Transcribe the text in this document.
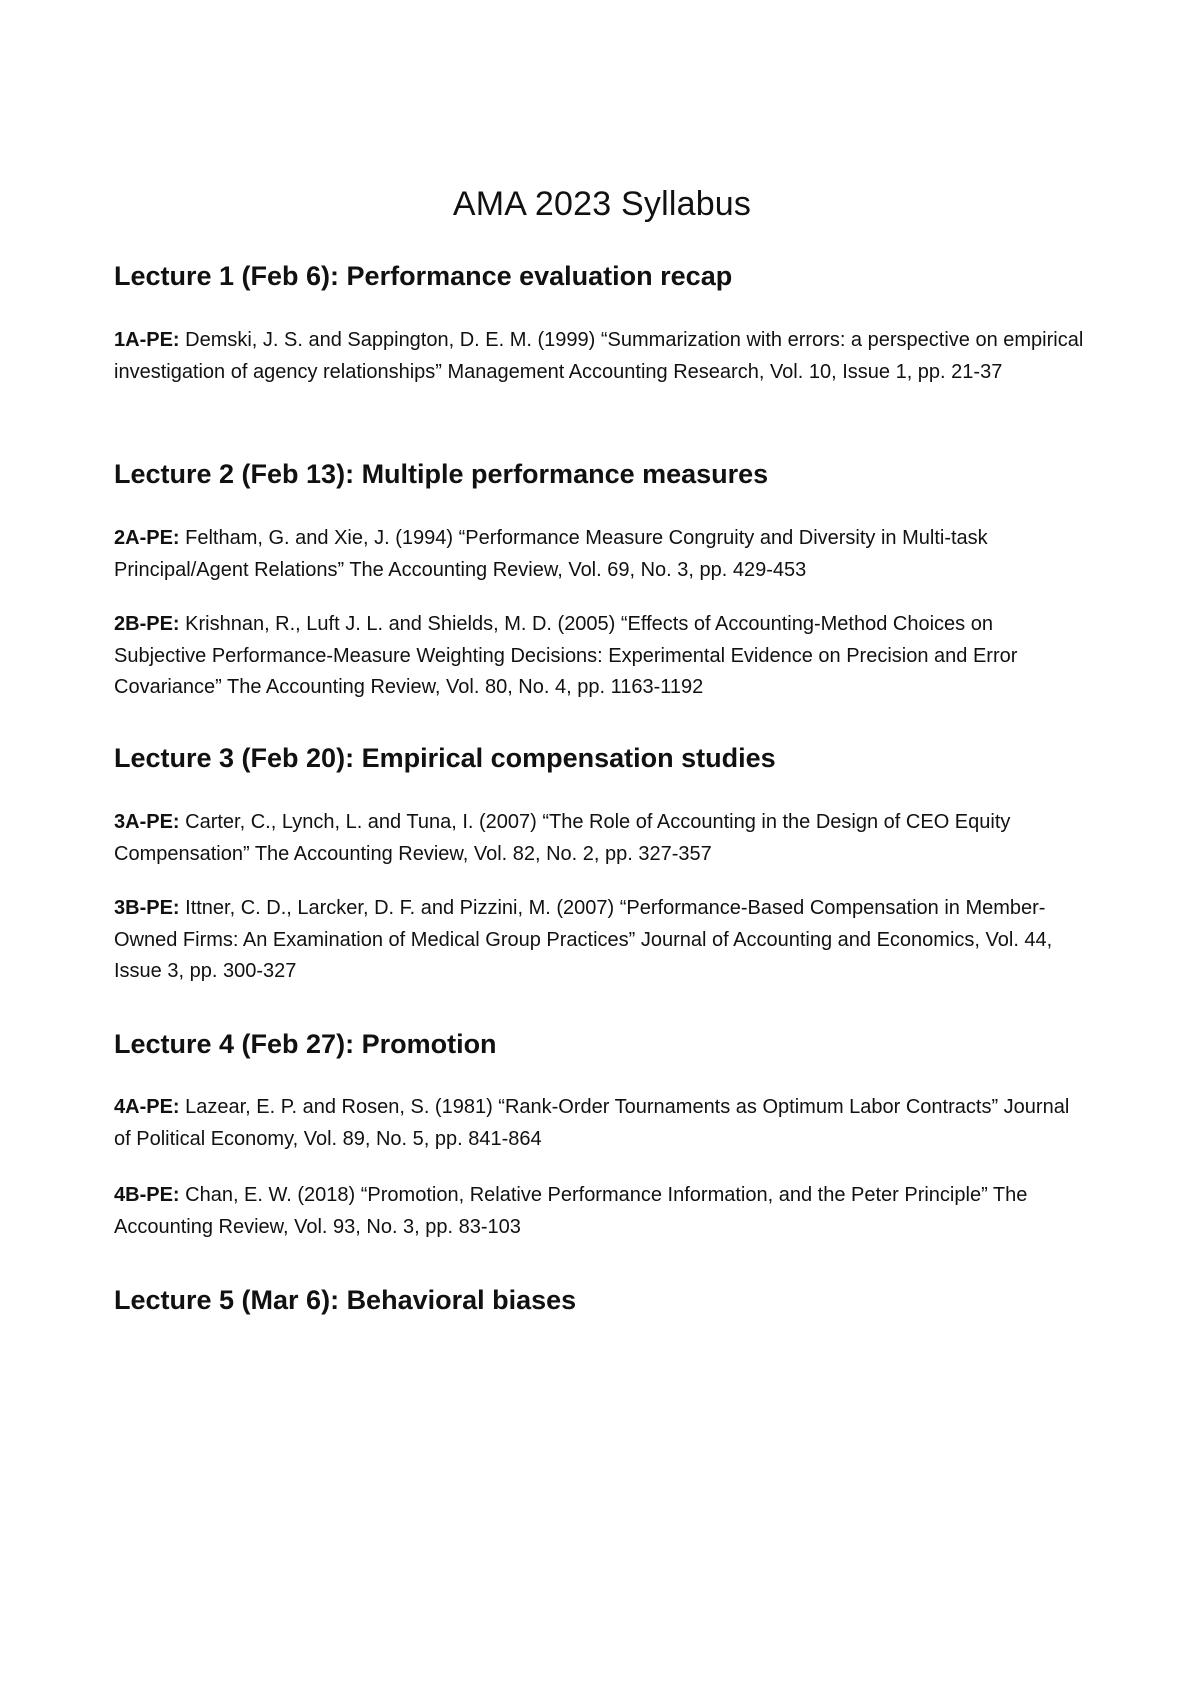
AMA 2023 Syllabus
Lecture 1 (Feb 6): Performance evaluation recap

1A-PE: Demski, J. S. and Sappington, D. E. M. (1999) “Summarization with errors: a perspective on empirical investigation of agency relationships” Management Accounting Research, Vol. 10, Issue 1, pp. 21-37

Lecture 2 (Feb 13): Multiple performance measures

2A-PE: Feltham, G. and Xie, J. (1994) “Performance Measure Congruity and Diversity in Multi-task Principal/Agent Relations” The Accounting Review, Vol. 69, No. 3, pp. 429-453

2B-PE: Krishnan, R., Luft J. L. and Shields, M. D. (2005) “Effects of Accounting-Method Choices on Subjective Performance-Measure Weighting Decisions: Experimental Evidence on Precision and Error Covariance” The Accounting Review, Vol. 80, No. 4, pp. 1163-1192

Lecture 3 (Feb 20): Empirical compensation studies

3A-PE: Carter, C., Lynch, L. and Tuna, I. (2007) “The Role of Accounting in the Design of CEO Equity Compensation” The Accounting Review, Vol. 82, No. 2, pp. 327-357

3B-PE: Ittner, C. D., Larcker, D. F. and Pizzini, M. (2007) “Performance-Based Compensation in Member-Owned Firms: An Examination of Medical Group Practices” Journal of Accounting and Economics, Vol. 44, Issue 3, pp. 300-327

Lecture 4 (Feb 27): Promotion

4A-PE: Lazear, E. P. and Rosen, S. (1981) “Rank-Order Tournaments as Optimum Labor Contracts” Journal of Political Economy, Vol. 89, No. 5, pp. 841-864

4B-PE: Chan, E. W. (2018) “Promotion, Relative Performance Information, and the Peter Principle” The Accounting Review, Vol. 93, No. 3, pp. 83-103

Lecture 5 (Mar 6): Behavioral biases
